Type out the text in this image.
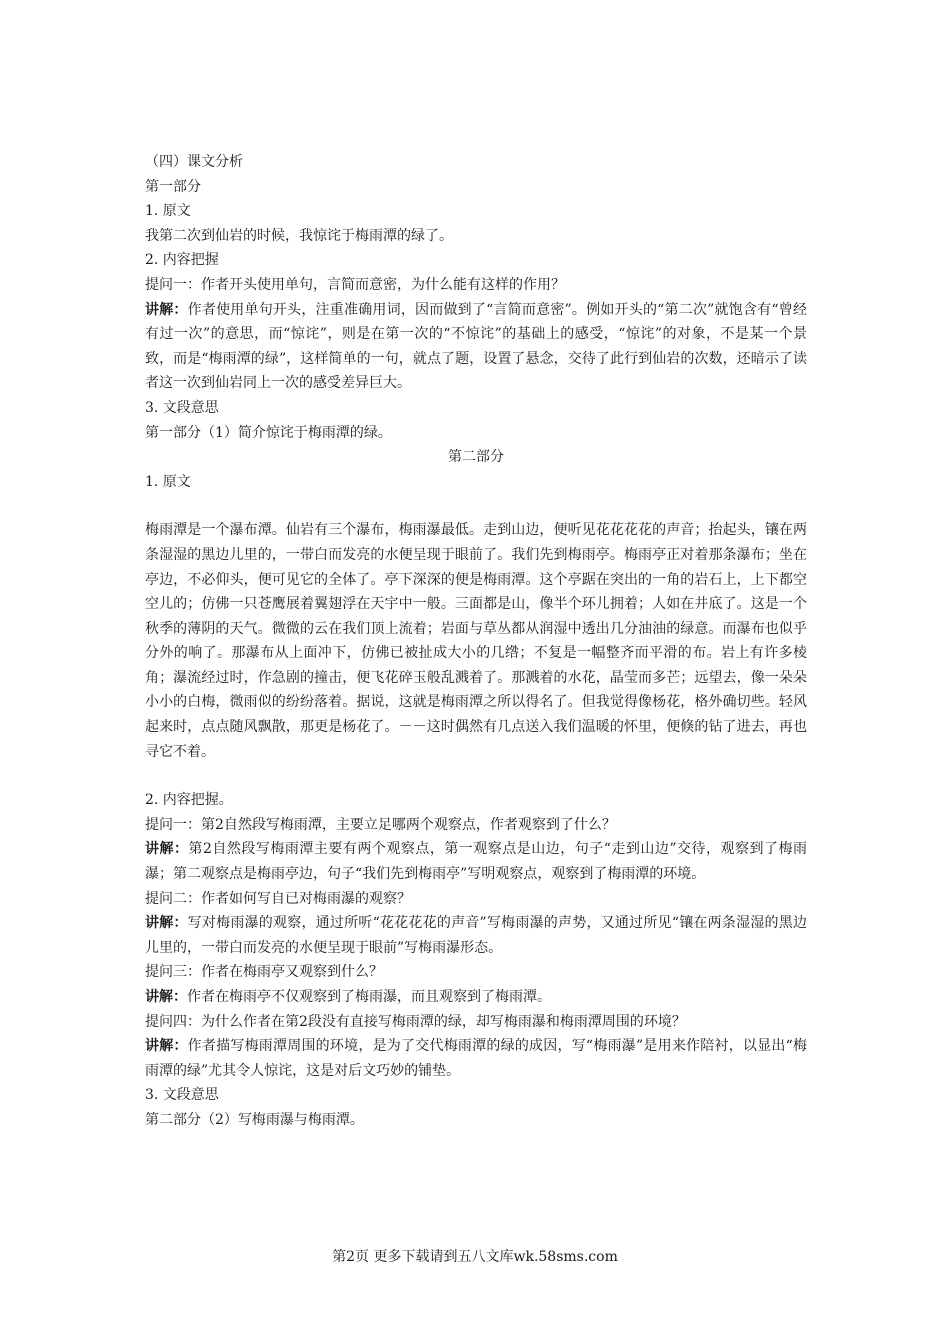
（四）课文分析
第一部分
1. 原文
我第二次到仙岩的时候，我惊诧于梅雨潭的绿了。
2. 内容把握
提问一：作者开头使用单句，言简而意密，为什么能有这样的作用？

讲解：作者使用单句开头，注重准确用词，因而做到了“言简而意密”。例如开头的“第二次”就饱含有“曾经有过一次”的意思，而“惊诧”，则是在第一次的“不惊诧”的基础上的感受，“惊诧”的对象，不是某一个景致，而是“梅雨潭的绿”，这样简单的一句，就点了题，设置了悬念，交待了此行到仙岩的次数，还暗示了读者这一次到仙岩同上一次的感受差异巨大。

3. 文段意思
第一部分（1）简介惊诧于梅雨潭的绿。
第二部分
1. 原文

梅雨潭是一个瀑布潭。仙岩有三个瀑布，梅雨瀑最低。走到山边，便听见花花花花的声音；抬起头，镶在两条湿湿的黑边儿里的，一带白而发亮的水便呈现于眼前了。我们先到梅雨亭。梅雨亭正对着那条瀑布；坐在亭边，不必仰头，便可见它的全体了。亭下深深的便是梅雨潭。这个亭踞在突出的一角的岩石上，上下都空空儿的；仿佛一只苍鹰展着翼翅浮在天宇中一般。三面都是山，像半个环儿拥着；人如在井底了。这是一个秋季的薄阴的天气。微微的云在我们顶上流着；岩面与草丛都从润湿中透出几分油油的绿意。而瀑布也似乎分外的响了。那瀑布从上面冲下，仿佛已被扯成大小的几绺；不复是一幅整齐而平滑的布。岩上有许多棱角；瀑流经过时，作急剧的撞击，便飞花碎玉般乱溅着了。那溅着的水花，晶莹而多芒；远望去，像一朵朵小小的白梅，微雨似的纷纷落着。据说，这就是梅雨潭之所以得名了。但我觉得像杨花，格外确切些。轻风起来时，点点随风飘散，那更是杨花了。－－这时偶然有几点送入我们温暖的怀里，便倏的钻了进去，再也寻它不着。

2. 内容把握。
提问一：第2自然段写梅雨潭，主要立足哪两个观察点，作者观察到了什么？

讲解：第2自然段写梅雨潭主要有两个观察点，第一观察点是山边，句子“走到山边”交待，观察到了梅雨瀑；第二观察点是梅雨亭边，句子“我们先到梅雨亭”写明观察点，观察到了梅雨潭的环境。

提问二：作者如何写自已对梅雨瀑的观察？

讲解：写对梅雨瀑的观察，通过所听“花花花花的声音”写梅雨瀑的声势，又通过所见“镶在两条湿湿的黑边儿里的，一带白而发亮的水便呈现于眼前”写梅雨瀑形态。

提问三：作者在梅雨亭又观察到什么？

讲解：作者在梅雨亭不仅观察到了梅雨瀑，而且观察到了梅雨潭。

提问四：为什么作者在第2段没有直接写梅雨潭的绿，却写梅雨瀑和梅雨潭周围的环境？

讲解：作者描写梅雨潭周围的环境，是为了交代梅雨潭的绿的成因，写“梅雨瀑”是用来作陪衬，以显出“梅雨潭的绿”尤其令人惊诧，这是对后文巧妙的铺垫。

3. 文段意思
第二部分（2）写梅雨瀑与梅雨潭。
第2页 更多下载请到五八文库wk.58sms.com
